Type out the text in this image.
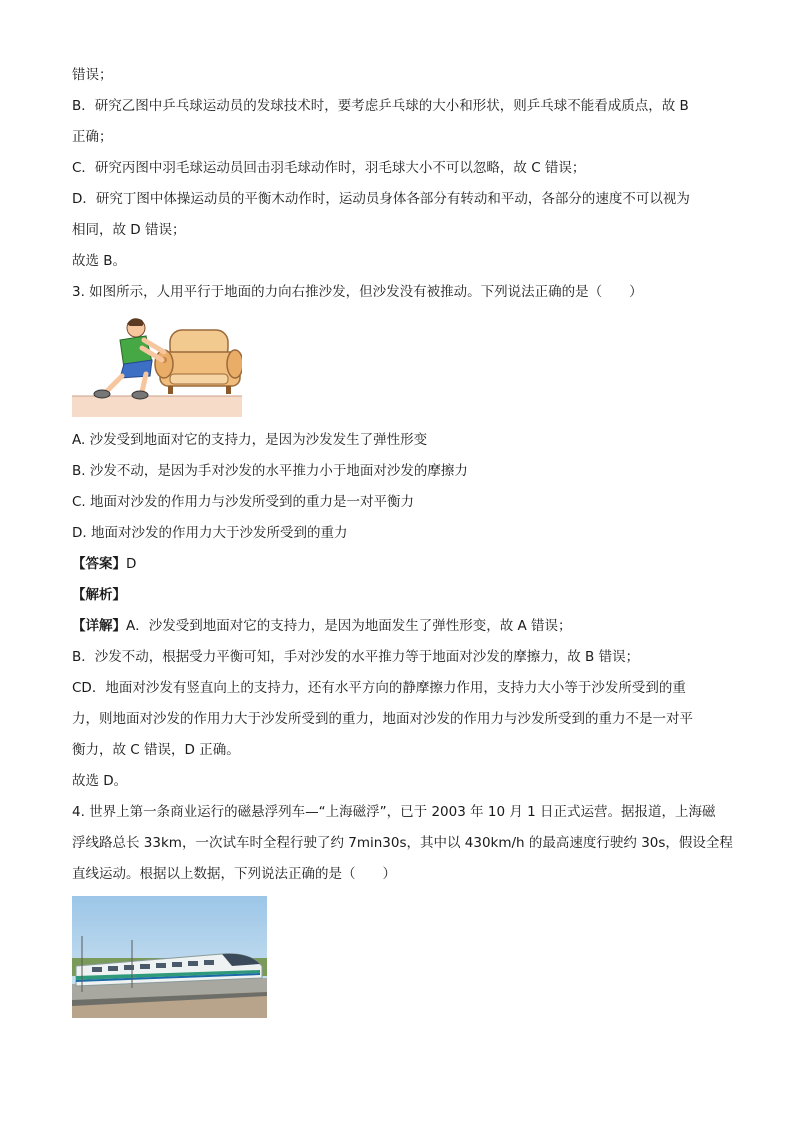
错误；
B．研究乙图中乒乓球运动员的发球技术时，要考虑乒乓球的大小和形状，则乒乓球不能看成质点，故 B
正确；
C．研究丙图中羽毛球运动员回击羽毛球动作时，羽毛球大小不可以忽略，故 C 错误；
D．研究丁图中体操运动员的平衡木动作时，运动员身体各部分有转动和平动，各部分的速度不可以视为
相同，故 D 错误；
故选 B。
3. 如图所示，人用平行于地面的力向右推沙发，但沙发没有被推动。下列说法正确的是（　　）
A. 沙发受到地面对它的支持力，是因为沙发发生了弹性形变
B. 沙发不动，是因为手对沙发的水平推力小于地面对沙发的摩擦力
C. 地面对沙发的作用力与沙发所受到的重力是一对平衡力
D. 地面对沙发的作用力大于沙发所受到的重力
【答案】D
【解析】
【详解】A．沙发受到地面对它的支持力，是因为地面发生了弹性形变，故 A 错误；
B．沙发不动，根据受力平衡可知，手对沙发的水平推力等于地面对沙发的摩擦力，故 B 错误；
CD．地面对沙发有竖直向上的支持力，还有水平方向的静摩擦力作用，支持力大小等于沙发所受到的重
力，则地面对沙发的作用力大于沙发所受到的重力，地面对沙发的作用力与沙发所受到的重力不是一对平
衡力，故 C 错误，D 正确。
故选 D。
4. 世界上第一条商业运行的磁悬浮列车—“上海磁浮”，已于 2003 年 10 月 1 日正式运营。据报道，上海磁
浮线路总长 33km，一次试车时全程行驶了约 7min30s，其中以 430km/h 的最高速度行驶约 30s，假设全程
直线运动。根据以上数据，下列说法正确的是（　　）
